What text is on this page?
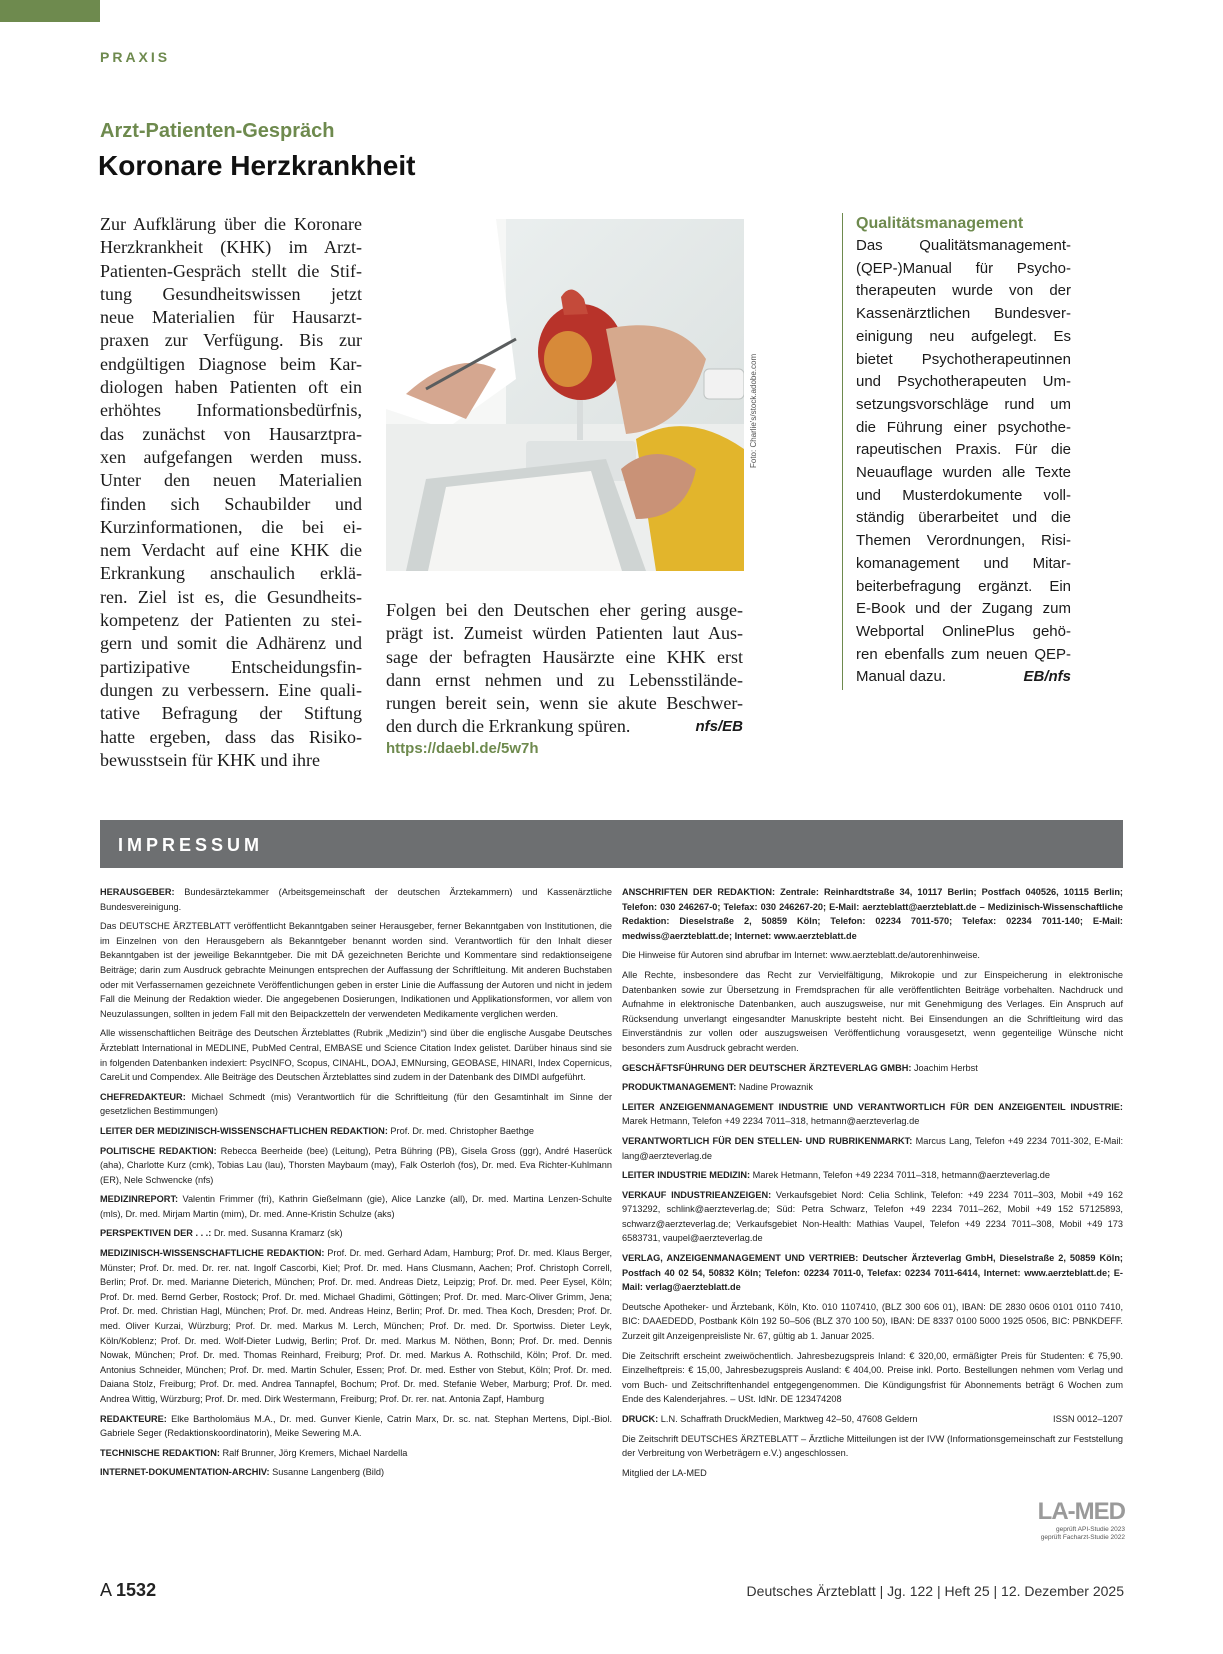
PRAXIS
Arzt-Patienten-Gespräch
Koronare Herzkrankheit

Zur Aufklärung über die Koronare

Herzkrankheit (KHK) im Arzt-

Patienten-Gespräch stellt die Stif-

tung Gesundheitswissen jetzt

neue Materialien für Hausarzt-

praxen zur Verfügung. Bis zur

endgültigen Diagnose beim Kar-

diologen haben Patienten oft ein

erhöhtes Informationsbedürfnis,

das zunächst von Hausarztpra-

xen aufgefangen werden muss.

Unter den neuen Materialien

finden sich Schaubilder und

Kurzinformationen, die bei ei-

nem Verdacht auf eine KHK die

Erkrankung anschaulich erklä-

ren. Ziel ist es, die Gesundheits-

kompetenz der Patienten zu stei-

gern und somit die Adhärenz und

partizipative Entscheidungsfin-

dungen zu verbessern. Eine quali-

tative Befragung der Stiftung

hatte ergeben, dass das Risiko-

bewusstsein für KHK und ihre

Foto: Charlie’s/stock.adobe.com

Folgen bei den Deutschen eher gering ausge-

prägt ist. Zumeist würden Patienten laut Aus-

sage der befragten Hausärzte eine KHK erst

dann ernst nehmen und zu Lebensstilände-

rungen bereit sein, wenn sie akute Beschwer-

den durch die Erkrankung spüren.	nfs/EB

https://daebl.de/5w7h
Qualitätsmanagement

Das Qualitätsmanagement-

(QEP-)Manual für Psycho-

therapeuten wurde von der

Kassenärztlichen Bundesver-

einigung neu aufgelegt. Es

bietet Psychotherapeutinnen

und Psychotherapeuten Um-

setzungsvorschläge rund um

die Führung einer psychothe-

rapeutischen Praxis. Für die

Neuauflage wurden alle Texte

und Musterdokumente voll-

ständig überarbeitet und die

Themen Verordnungen, Risi-

komanagement und Mitar-

beiterbefragung ergänzt. Ein

E-Book und der Zugang zum

Webportal OnlinePlus gehö-

ren ebenfalls zum neuen QEP-

Manual dazu.	EB/nfs

IMPRESSUM
HERAUSGEBER: Bundesärztekammer (Arbeitsgemeinschaft der deutschen Ärztekammern) und Kassenärztliche Bundesvereinigung.
Das DEUTSCHE ÄRZTEBLATT veröffentlicht Bekanntgaben seiner Herausgeber, ferner Bekanntgaben von Institutionen, die im Einzelnen von den Herausgebern als Bekanntgeber benannt worden sind. Verantwortlich für den Inhalt dieser Bekanntgaben ist der jeweilige Bekanntgeber. Die mit DÄ gezeichneten Berichte und Kommentare sind redaktionseigene Beiträge; darin zum Ausdruck gebrachte Meinungen entsprechen der Auffassung der Schriftleitung. Mit anderen Buchstaben oder mit Verfassernamen gezeichnete Veröffentlichungen geben in erster Linie die Auffassung der Autoren und nicht in jedem Fall die Meinung der Redaktion wieder. Die angegebenen Dosierungen, Indikationen und Applikationsformen, vor allem von Neuzulassungen, sollten in jedem Fall mit den Beipackzetteln der verwendeten Medikamente verglichen werden.
Alle wissenschaftlichen Beiträge des Deutschen Ärzteblattes (Rubrik „Medizin“) sind über die englische Ausgabe Deutsches Ärzteblatt International in MEDLINE, PubMed Central, EMBASE und Science Citation Index gelistet. Darüber hinaus sind sie in folgenden Datenbanken indexiert: PsycINFO, Scopus, CINAHL, DOAJ, EMNursing, GEOBASE, HINARI, Index Copernicus, CareLit und Compendex. Alle Beiträge des Deutschen Ärzteblattes sind zudem in der Datenbank des DIMDI aufgeführt.
CHEFREDAKTEUR: Michael Schmedt (mis) Verantwortlich für die Schriftleitung (für den Gesamtinhalt im Sinne der gesetzlichen Bestimmungen)
LEITER DER MEDIZINISCH-WISSENSCHAFTLICHEN REDAKTION: Prof. Dr. med. Christopher Baethge
POLITISCHE REDAKTION: Rebecca Beerheide (bee) (Leitung), Petra Bühring (PB), Gisela Gross (ggr), André Haserück (aha), Charlotte Kurz (cmk), Tobias Lau (lau), Thorsten Maybaum (may), Falk Osterloh (fos), Dr. med. Eva Richter-Kuhlmann (ER), Nele Schwencke (nfs)
MEDIZINREPORT: Valentin Frimmer (fri), Kathrin Gießelmann (gie), Alice Lanzke (all), Dr. med. Martina Lenzen-Schulte (mls), Dr. med. Mirjam Martin (mim), Dr. med. Anne-Kristin Schulze (aks)
PERSPEKTIVEN DER . . .: Dr. med. Susanna Kramarz (sk)
MEDIZINISCH-WISSENSCHAFTLICHE REDAKTION: Prof. Dr. med. Gerhard Adam, Hamburg; Prof. Dr. med. Klaus Berger, Münster; Prof. Dr. med. Dr. rer. nat. Ingolf Cascorbi, Kiel; Prof. Dr. med. Hans Clusmann, Aachen; Prof. Christoph Correll, Berlin; Prof. Dr. med. Marianne Dieterich, München; Prof. Dr. med. Andreas Dietz, Leipzig; Prof. Dr. med. Peer Eysel, Köln; Prof. Dr. med. Bernd Gerber, Rostock; Prof. Dr. med. Michael Ghadimi, Göttingen; Prof. Dr. med. Marc-Oliver Grimm, Jena; Prof. Dr. med. Christian Hagl, München; Prof. Dr. med. Andreas Heinz, Berlin; Prof. Dr. med. Thea Koch, Dresden; Prof. Dr. med. Oliver Kurzai, Würzburg; Prof. Dr. med. Markus M. Lerch, München; Prof. Dr. med. Dr. Sportwiss. Dieter Leyk, Köln/Koblenz; Prof. Dr. med. Wolf-Dieter Ludwig, Berlin; Prof. Dr. med. Markus M. Nöthen, Bonn; Prof. Dr. med. Dennis Nowak, München; Prof. Dr. med. Thomas Reinhard, Freiburg; Prof. Dr. med. Markus A. Rothschild, Köln; Prof. Dr. med. Antonius Schneider, München; Prof. Dr. med. Martin Schuler, Essen; Prof. Dr. med. Esther von Stebut, Köln; Prof. Dr. med. Daiana Stolz, Freiburg; Prof. Dr. med. Andrea Tannapfel, Bochum; Prof. Dr. med. Stefanie Weber, Marburg; Prof. Dr. med. Andrea Wittig, Würzburg; Prof. Dr. med. Dirk Westermann, Freiburg; Prof. Dr. rer. nat. Antonia Zapf, Hamburg
REDAKTEURE: Elke Bartholomäus M.A., Dr. med. Gunver Kienle, Catrin Marx, Dr. sc. nat. Stephan Mertens, Dipl.-Biol. Gabriele Seger (Redaktionskoordinatorin), Meike Sewering M.A.
TECHNISCHE REDAKTION: Ralf Brunner, Jörg Kremers, Michael Nardella
INTERNET-DOKUMENTATION-ARCHIV: Susanne Langenberg (Bild)
ANSCHRIFTEN DER REDAKTION: Zentrale: Reinhardtstraße 34, 10117 Berlin; Postfach 040526, 10115 Berlin; Telefon: 030 246267-0; Telefax: 030 246267-20; E-Mail: aerzteblatt@aerzteblatt.de – Medizinisch-Wissenschaftliche Redaktion: Dieselstraße 2, 50859 Köln; Telefon: 02234 7011-570; Telefax: 02234 7011-140; E-Mail: medwiss@aerzteblatt.de; Internet: www.aerzteblatt.de
Die Hinweise für Autoren sind abrufbar im Internet: www.aerzteblatt.de/autorenhinweise.
Alle Rechte, insbesondere das Recht zur Vervielfältigung, Mikrokopie und zur Einspeicherung in elektronische Datenbanken sowie zur Übersetzung in Fremdsprachen für alle veröffentlichten Beiträge vorbehalten. Nachdruck und Aufnahme in elektronische Datenbanken, auch auszugsweise, nur mit Genehmigung des Verlages. Ein Anspruch auf Rücksendung unverlangt eingesandter Manuskripte besteht nicht. Bei Einsendungen an die Schriftleitung wird das Einverständnis zur vollen oder auszugsweisen Veröffentlichung vorausgesetzt, wenn gegenteilige Wünsche nicht besonders zum Ausdruck gebracht werden.
GESCHÄFTSFÜHRUNG DER DEUTSCHER ÄRZTEVERLAG GMBH: Joachim Herbst
PRODUKTMANAGEMENT: Nadine Prowaznik
LEITER ANZEIGENMANAGEMENT INDUSTRIE UND VERANTWORTLICH FÜR DEN ANZEIGENTEIL INDUSTRIE: Marek Hetmann, Telefon +49 2234 7011–318, hetmann@aerzteverlag.de
VERANTWORTLICH FÜR DEN STELLEN- UND RUBRIKENMARKT: Marcus Lang, Telefon +49 2234 7011-302, E-Mail: lang@aerzteverlag.de
LEITER INDUSTRIE MEDIZIN: Marek Hetmann, Telefon +49 2234 7011–318, hetmann@aerzteverlag.de
VERKAUF INDUSTRIEANZEIGEN: Verkaufsgebiet Nord: Celia Schlink, Telefon: +49 2234 7011–303, Mobil +49 162 9713292, schlink@aerzteverlag.de; Süd: Petra Schwarz, Telefon +49 2234 7011–262, Mobil +49 152 57125893, schwarz@aerzteverlag.de; Verkaufsgebiet Non-Health: Mathias Vaupel, Telefon +49 2234 7011–308, Mobil +49 173 6583731, vaupel@aerzteverlag.de
VERLAG, ANZEIGENMANAGEMENT UND VERTRIEB: Deutscher Ärzteverlag GmbH, Dieselstraße 2, 50859 Köln; Postfach 40 02 54, 50832 Köln; Telefon: 02234 7011-0, Telefax: 02234 7011-6414, Internet: www.aerzteblatt.de; E-Mail: verlag@aerzteblatt.de
Deutsche Apotheker- und Ärztebank, Köln, Kto. 010 1107410, (BLZ 300 606 01), IBAN: DE 2830 0606 0101 0110 7410, BIC: DAAEDEDD, Postbank Köln 192 50–506 (BLZ 370 100 50), IBAN: DE 8337 0100 5000 1925 0506, BIC: PBNKDEFF. Zurzeit gilt Anzeigenpreisliste Nr. 67, gültig ab 1. Januar 2025.
Die Zeitschrift erscheint zweiwöchentlich. Jahresbezugspreis Inland: € 320,00, ermäßigter Preis für Studenten: € 75,90. Einzelheftpreis: € 15,00, Jahresbezugspreis Ausland: € 404,00. Preise inkl. Porto. Bestellungen nehmen vom Verlag und vom Buch- und Zeitschriftenhandel entgegengenommen. Die Kündigungsfrist für Abonnements beträgt 6 Wochen zum Ende des Kalenderjahres. – USt. IdNr. DE 123474208
DRUCK: L.N. Schaffrath DruckMedien, Marktweg 42–50, 47608 Geldern	ISSN 0012–1207
Die Zeitschrift DEUTSCHES ÄRZTEBLATT – Ärztliche Mitteilungen ist der IVW (Informationsgemeinschaft zur Feststellung der Verbreitung von Werbeträgern e.V.) angeschlossen.
Mitglied der LA-MED
LA-MED
geprüft API-Studie 2023
geprüft Facharzt-Studie 2022
A 1532	Deutsches Ärzteblatt | Jg. 122 | Heft 25 | 12. Dezember 2025
